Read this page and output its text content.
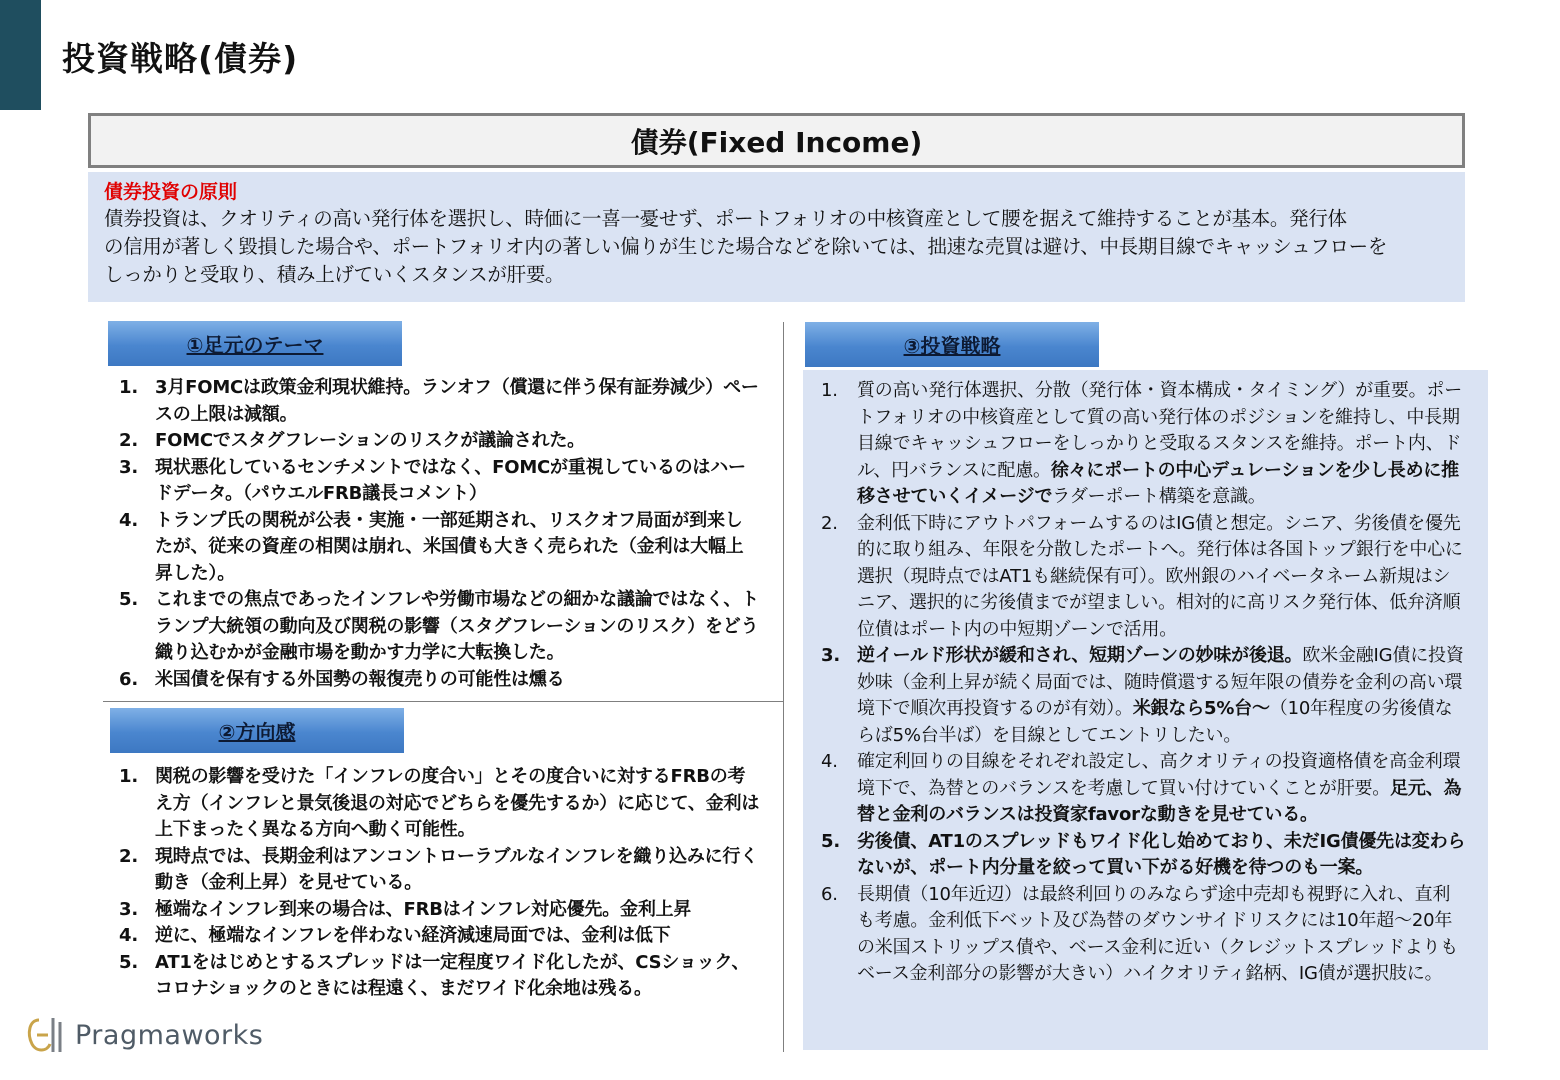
投資戦略(債券)
債券(Fixed Income)
債券投資の原則
債券投資は、クオリティの高い発行体を選択し、時価に一喜一憂せず、ポートフォリオの中核資産として腰を据えて維持することが基本。発行体
の信用が著しく毀損した場合や、ポートフォリオ内の著しい偏りが生じた場合などを除いては、拙速な売買は避け、中長期目線でキャッシュフローを
しっかりと受取り、積み上げていくスタンスが肝要。
①足元のテーマ
1. 3月FOMCは政策金利現状維持。ランオフ（償還に伴う保有証券減少）ペースの上限は減額。
2. FOMCでスタグフレーションのリスクが議論された。
3. 現状悪化しているセンチメントではなく、FOMCが重視しているのはハードデータ。（パウエルFRB議長コメント）
4. トランプ氏の関税が公表・実施・一部延期され、リスクオフ局面が到来したが、従来の資産の相関は崩れ、米国債も大きく売られた（金利は大幅上昇した）。
5. これまでの焦点であったインフレや労働市場などの細かな議論ではなく、トランプ大統領の動向及び関税の影響（スタグフレーションのリスク）をどう織り込むかが金融市場を動かす力学に大転換した。
6. 米国債を保有する外国勢の報復売りの可能性は燻る
②方向感
1. 関税の影響を受けた「インフレの度合い」とその度合いに対するFRBの考え方（インフレと景気後退の対応でどちらを優先するか）に応じて、金利は上下まったく異なる方向へ動く可能性。
2. 現時点では、長期金利はアンコントローラブルなインフレを織り込みに行く動き（金利上昇）を見せている。
3. 極端なインフレ到来の場合は、FRBはインフレ対応優先。金利上昇
4. 逆に、極端なインフレを伴わない経済減速局面では、金利は低下
5. AT1をはじめとするスプレッドは一定程度ワイド化したが、CSショック、コロナショックのときには程遠く、まだワイド化余地は残る。
③投資戦略
1. 質の高い発行体選択、分散（発行体・資本構成・タイミング）が重要。ポートフォリオの中核資産として質の高い発行体のポジションを維持し、中長期目線でキャッシュフローをしっかりと受取るスタンスを維持。ポート内、ドル、円バランスに配慮。徐々にポートの中心デュレーションを少し長めに推移させていくイメージでラダーポート構築を意識。
2. 金利低下時にアウトパフォームするのはIG債と想定。シニア、劣後債を優先的に取り組み、年限を分散したポートへ。発行体は各国トップ銀行を中心に選択（現時点ではAT1も継続保有可）。欧州銀のハイベータネーム新規はシニア、選択的に劣後債までが望ましい。相対的に高リスク発行体、低弁済順位債はポート内の中短期ゾーンで活用。
3. 逆イールド形状が緩和され、短期ゾーンの妙味が後退。欧米金融IG債に投資妙味（金利上昇が続く局面では、随時償還する短年限の債券を金利の高い環境下で順次再投資するのが有効）。米銀なら5%台～（10年程度の劣後債ならば5%台半ば）を目線としてエントリしたい。
4. 確定利回りの目線をそれぞれ設定し、高クオリティの投資適格債を高金利環境下で、為替とのバランスを考慮して買い付けていくことが肝要。足元、為替と金利のバランスは投資家favorな動きを見せている。
5. 劣後債、AT1のスプレッドもワイド化し始めており、未だIG債優先は変わらないが、ポート内分量を絞って買い下がる好機を待つのも一案。
6. 長期債（10年近辺）は最終利回りのみならず途中売却も視野に入れ、直利も考慮。金利低下ベット及び為替のダウンサイドリスクには10年超～20年の米国ストリップス債や、ベース金利に近い（クレジットスプレッドよりもベース金利部分の影響が大きい）ハイクオリティ銘柄、IG債が選択肢に。
Pragmaworks
